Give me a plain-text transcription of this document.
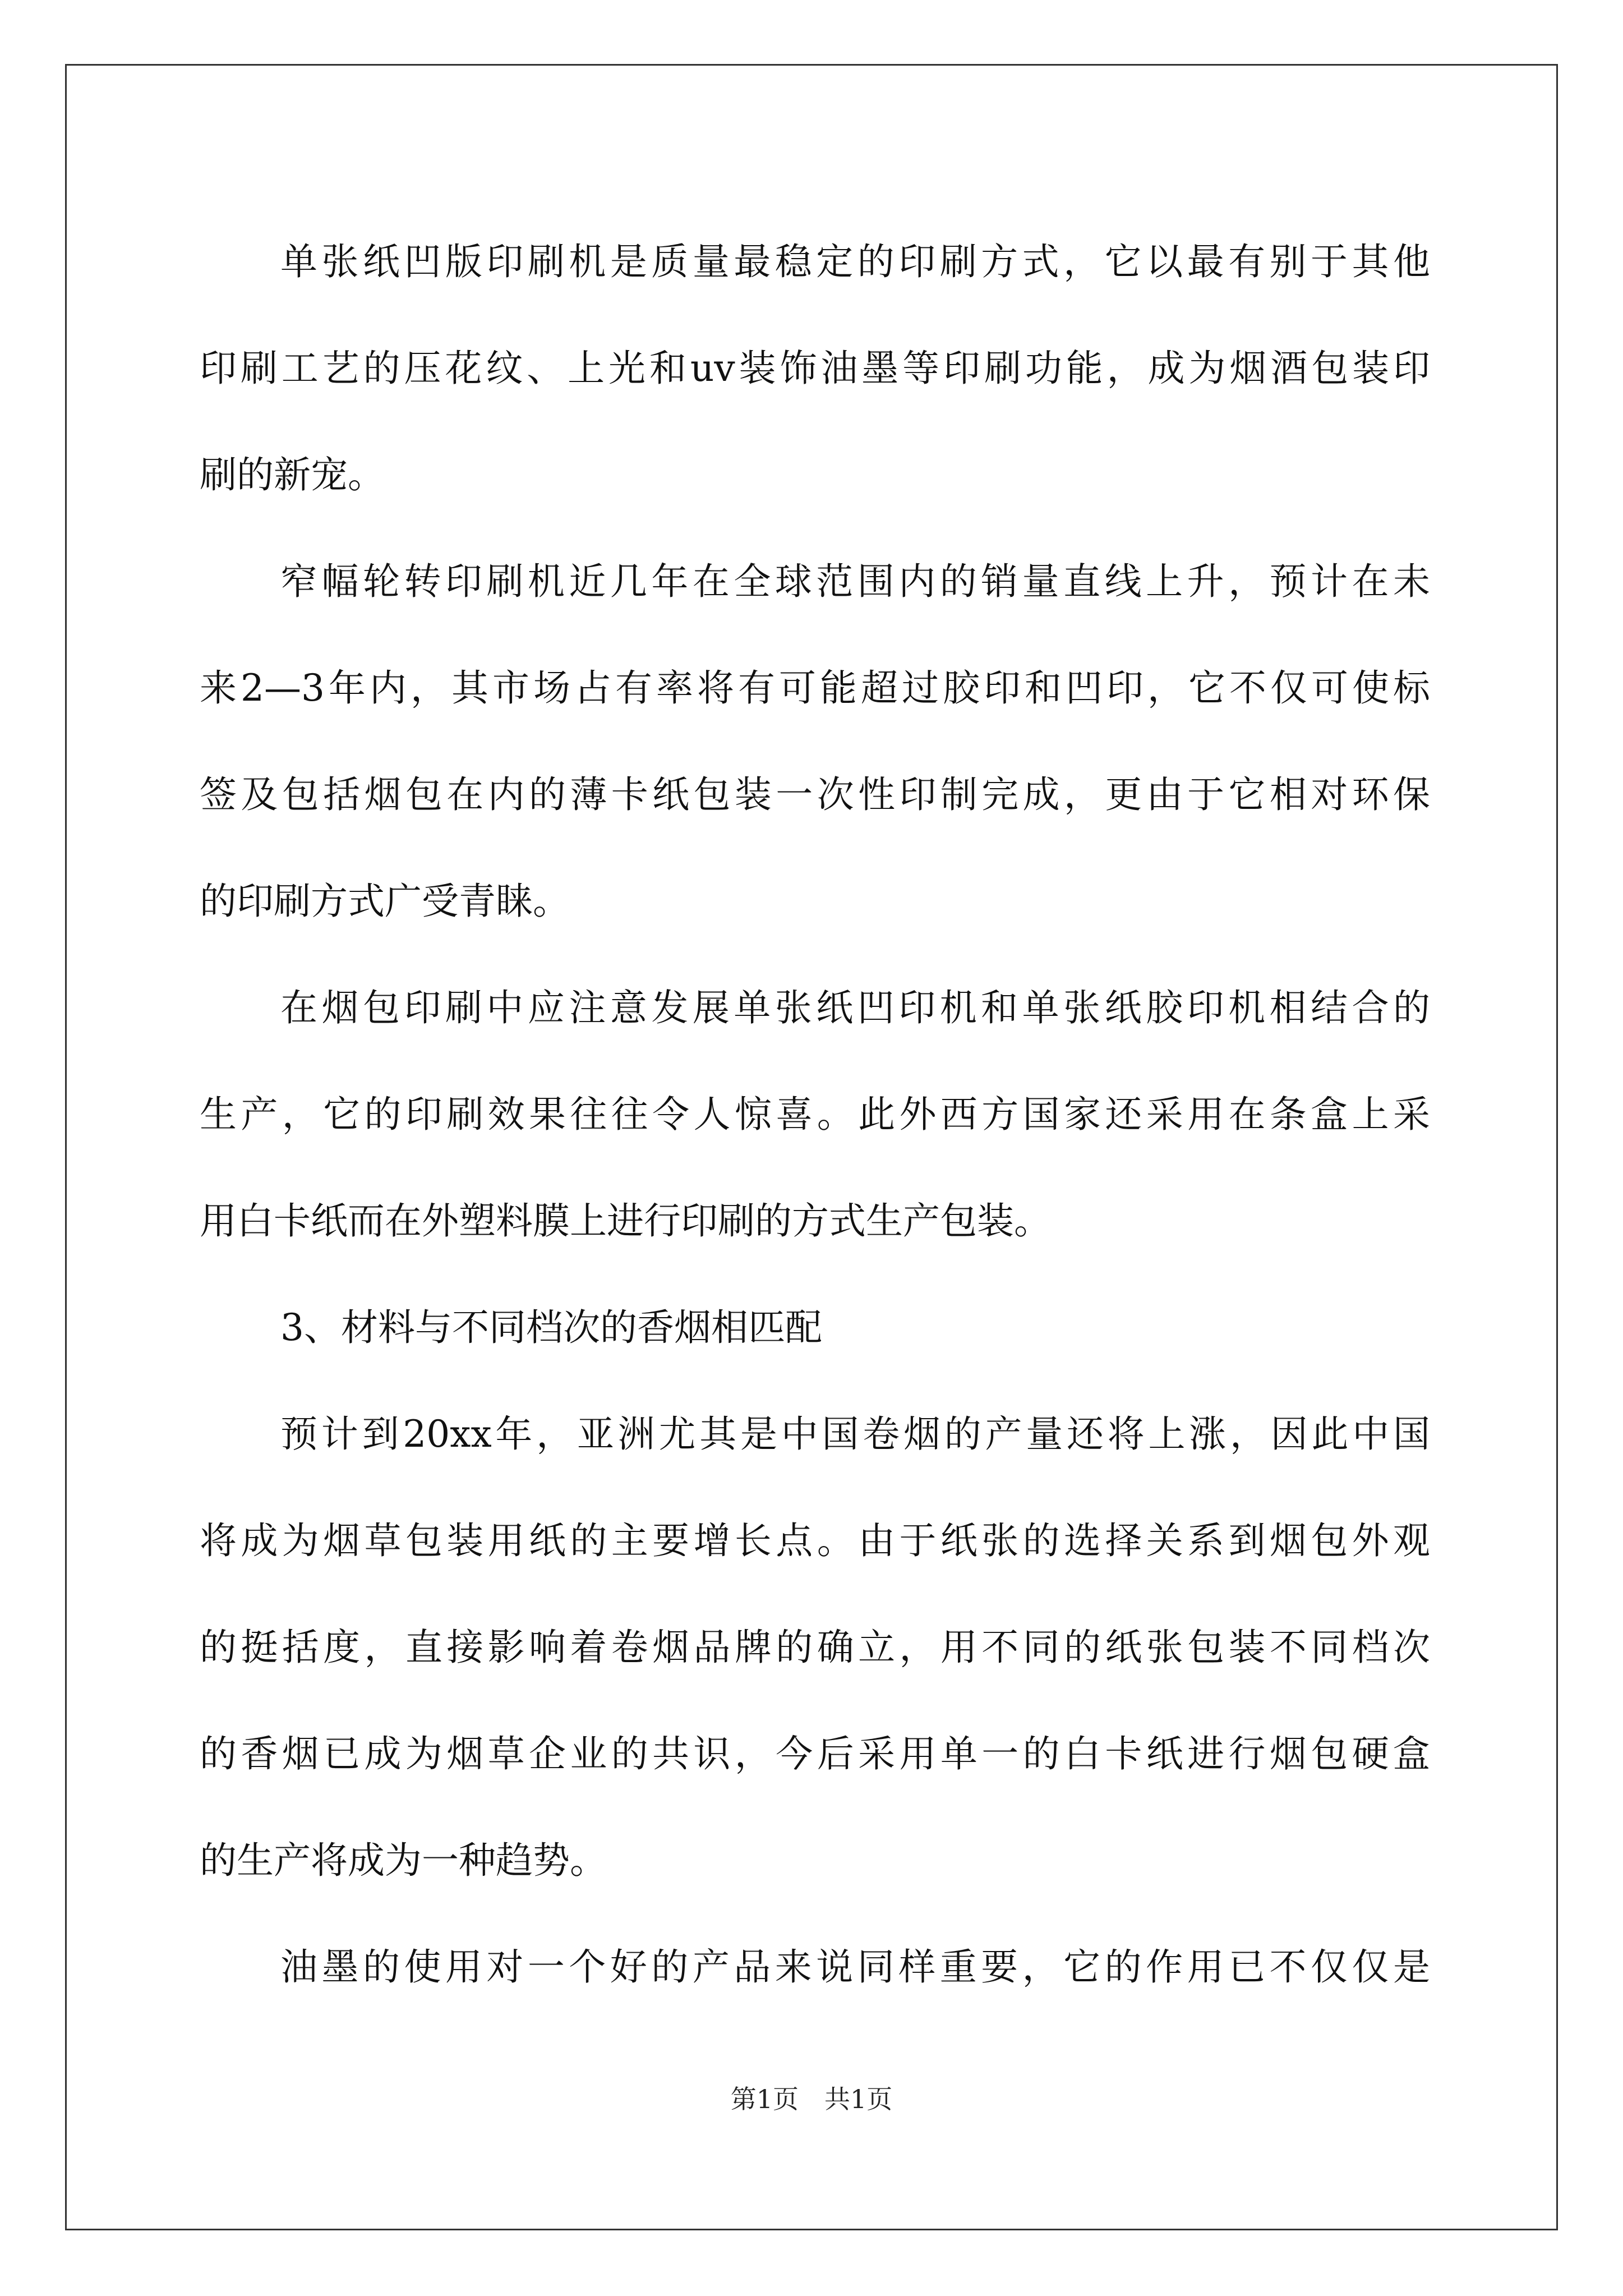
单张纸凹版印刷机是质量最稳定的印刷方式，它以最有别于其他
印刷工艺的压花纹、上光和uv装饰油墨等印刷功能，成为烟酒包装印
刷的新宠。
窄幅轮转印刷机近几年在全球范围内的销量直线上升，预计在未
来2—3年内，其市场占有率将有可能超过胶印和凹印，它不仅可使标
签及包括烟包在内的薄卡纸包装一次性印制完成，更由于它相对环保
的印刷方式广受青睐。
在烟包印刷中应注意发展单张纸凹印机和单张纸胶印机相结合的
生产，它的印刷效果往往令人惊喜。此外西方国家还采用在条盒上采
用白卡纸而在外塑料膜上进行印刷的方式生产包装。
3、材料与不同档次的香烟相匹配
预计到20xx年，亚洲尤其是中国卷烟的产量还将上涨，因此中国
将成为烟草包装用纸的主要增长点。由于纸张的选择关系到烟包外观
的挺括度，直接影响着卷烟品牌的确立，用不同的纸张包装不同档次
的香烟已成为烟草企业的共识，今后采用单一的白卡纸进行烟包硬盒
的生产将成为一种趋势。
油墨的使用对一个好的产品来说同样重要，它的作用已不仅仅是
第1页　共1页
